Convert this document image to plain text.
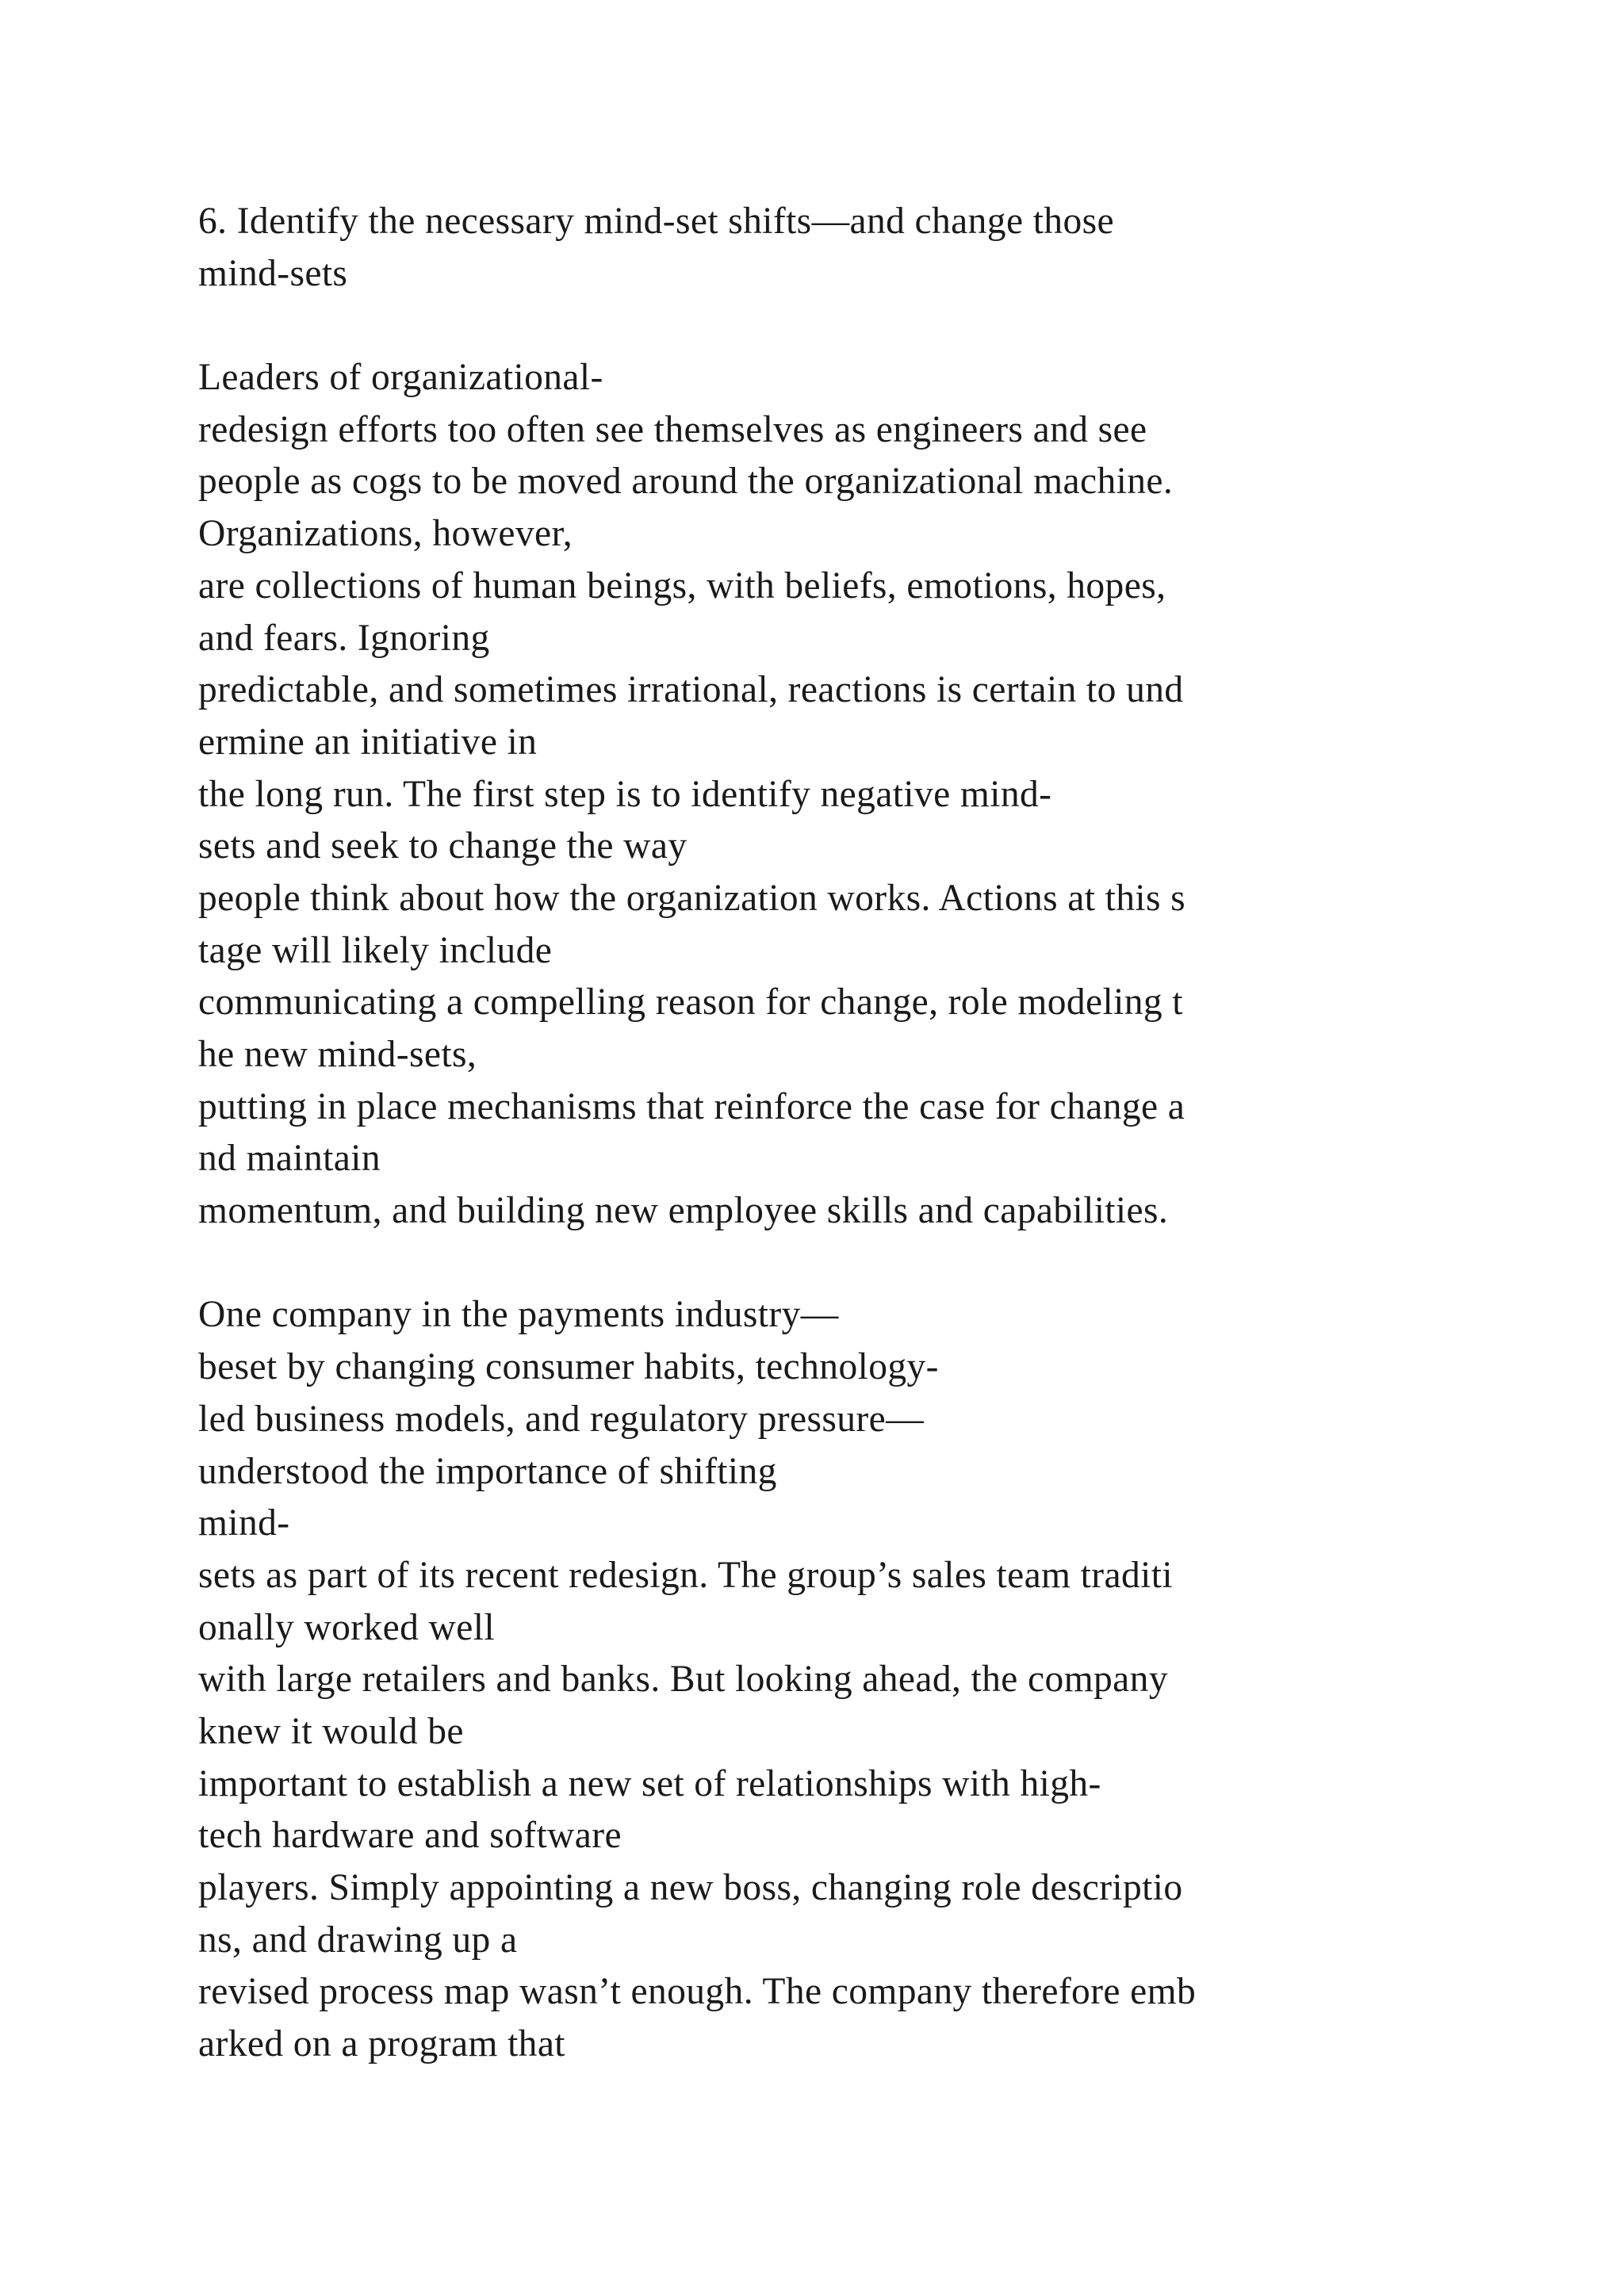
6. Identify the necessary mind-set shifts—and change those
mind-sets
Leaders of organizational-
redesign efforts too often see themselves as engineers and see
people as cogs to be moved around the organizational machine.
Organizations, however,
are collections of human beings, with beliefs, emotions, hopes,
and fears. Ignoring
predictable, and sometimes irrational, reactions is certain to und
ermine an initiative in
the long run. The first step is to identify negative mind-
sets and seek to change the way
people think about how the organization works. Actions at this s
tage will likely include
communicating a compelling reason for change, role modeling t
he new mind-sets,
putting in place mechanisms that reinforce the case for change a
nd maintain
momentum, and building new employee skills and capabilities.
One company in the payments industry—
beset by changing consumer habits, technology-
led business models, and regulatory pressure—
understood the importance of shifting
mind-
sets as part of its recent redesign. The group’s sales team traditi
onally worked well
with large retailers and banks. But looking ahead, the company
knew it would be
important to establish a new set of relationships with high-
tech hardware and software
players. Simply appointing a new boss, changing role descriptio
ns, and drawing up a
revised process map wasn’t enough. The company therefore emb
arked on a program that
